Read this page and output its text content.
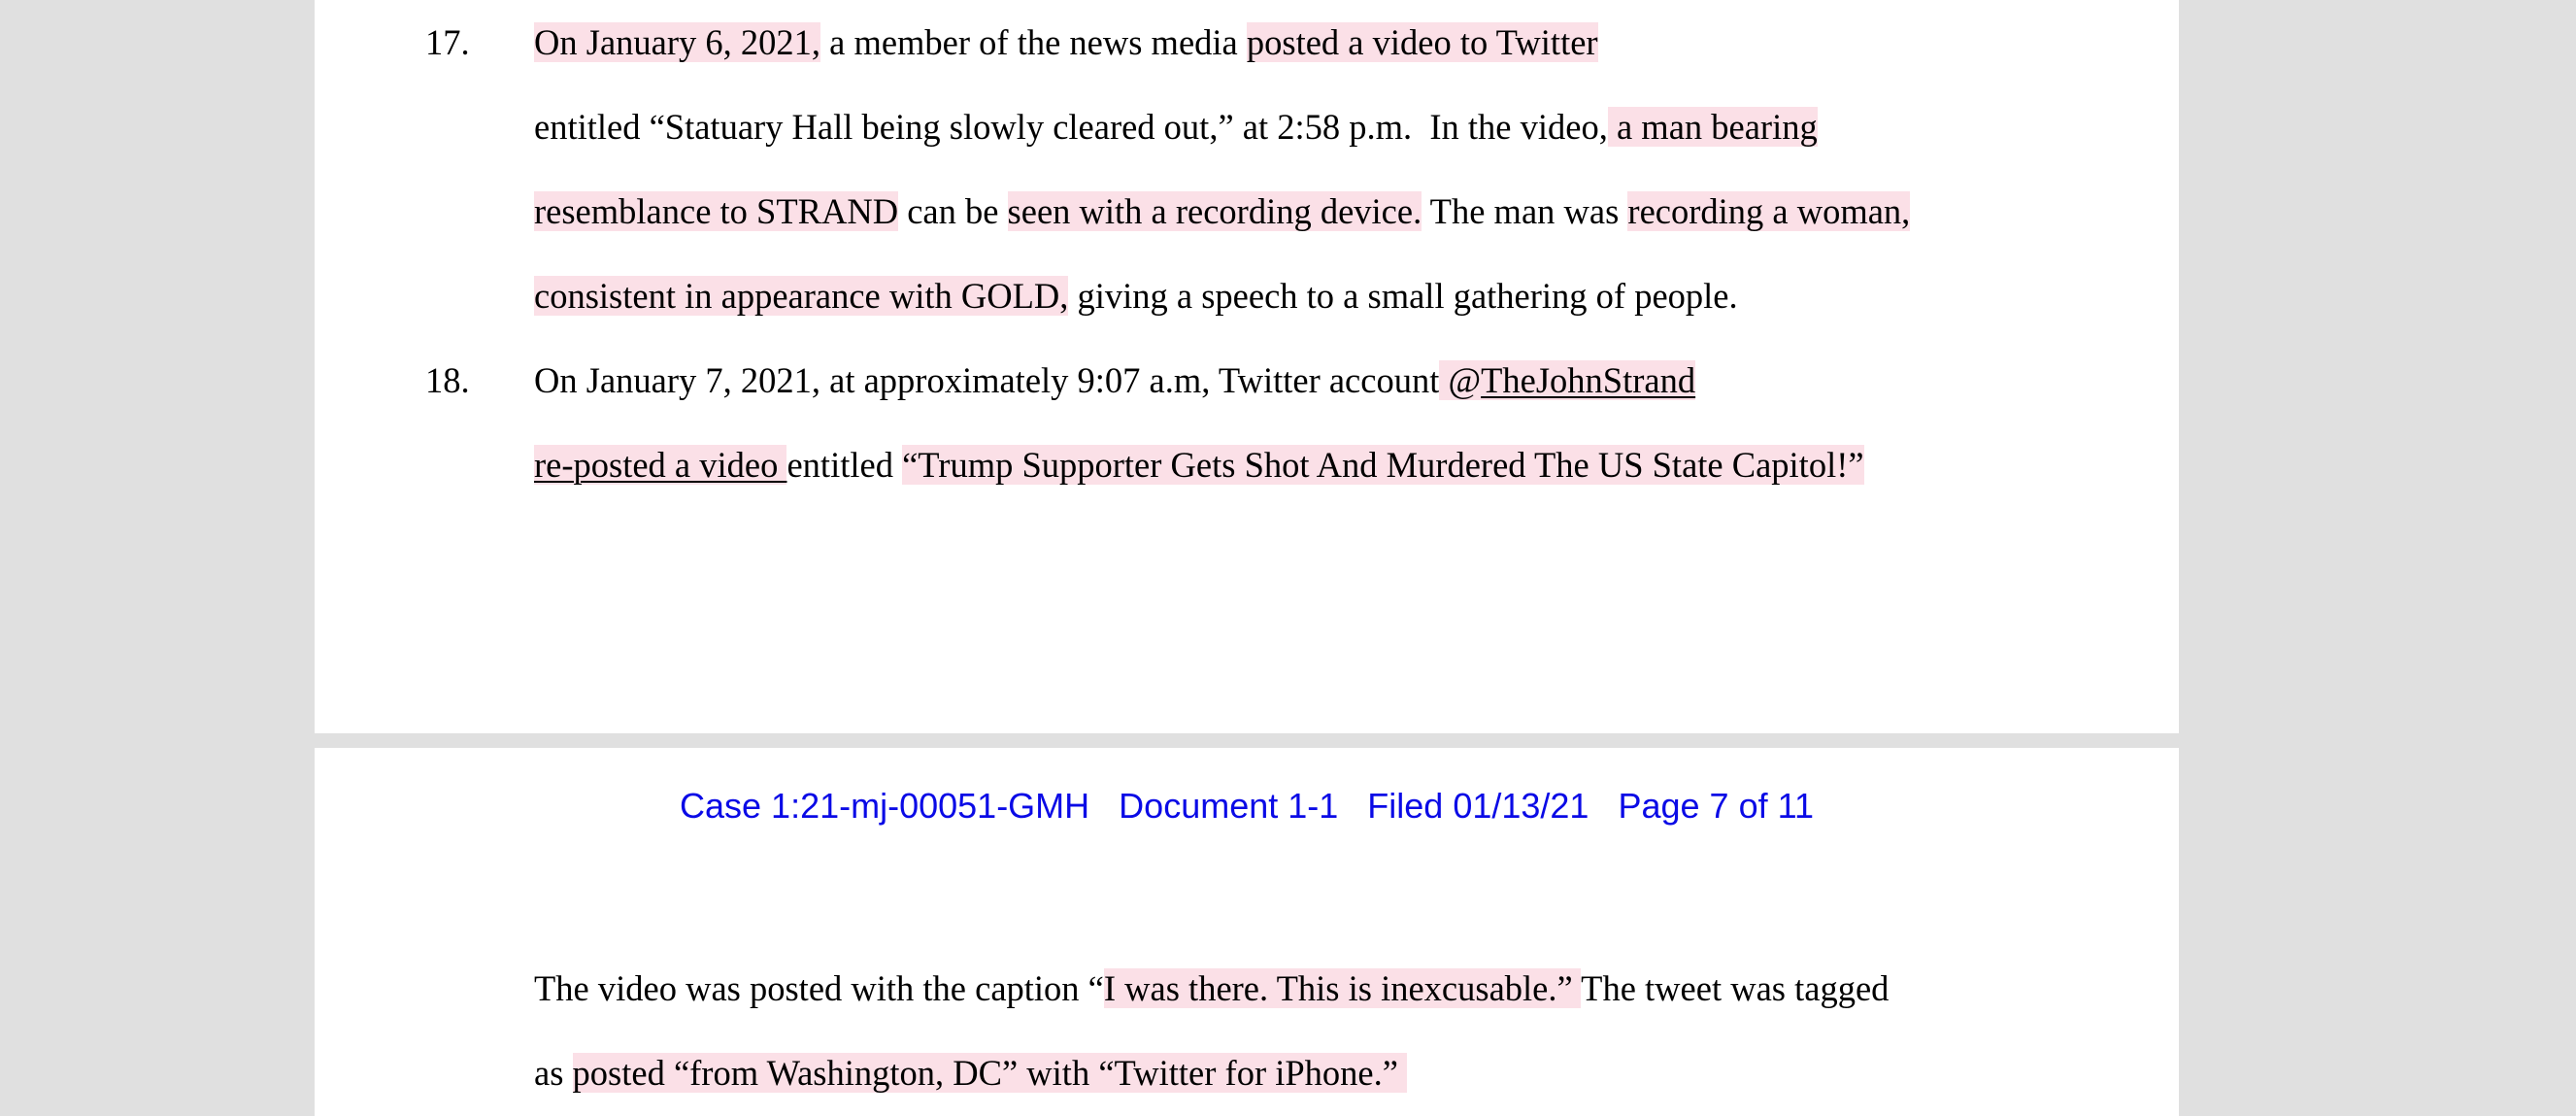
17. On January 6, 2021, a member of the news media posted a video to Twitter

entitled “Statuary Hall being slowly cleared out,” at 2:58 p.m.  In the video, a man bearing

resemblance to STRAND can be seen with a recording device. The man was recording a woman,

consistent in appearance with GOLD, giving a speech to a small gathering of people.

18. On January 7, 2021, at approximately 9:07 a.m, Twitter account @TheJohnStrand

re-posted a video entitled “Trump Supporter Gets Shot And Murdered The US State Capitol!”

Case 1:21-mj-00051-GMH   Document 1-1   Filed 01/13/21   Page 7 of 11

The video was posted with the caption “I was there. This is inexcusable.” The tweet was tagged

as posted “from Washington, DC” with “Twitter for iPhone.”
